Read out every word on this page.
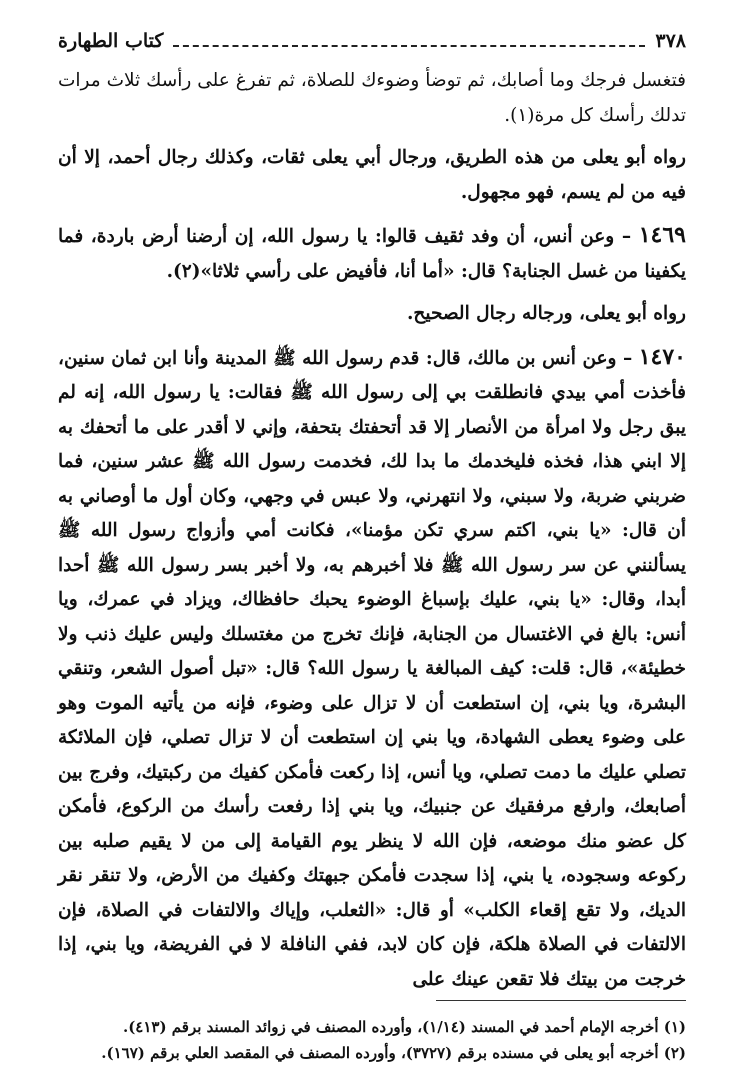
٣٧٨
كتاب الطهارة

فتغسل فرجك وما أصابك، ثم توضأ وضوءك للصلاة، ثم تفرغ على رأسك ثلاث مرات تدلك رأسك كل مرة(١).

رواه أبو يعلى من هذه الطريق، ورجال أبي يعلى ثقات، وكذلك رجال أحمد، إلا أن فيه من لم يسم، فهو مجهول.

١٤٦٩ – وعن أنس، أن وفد ثقيف قالوا: يا رسول الله، إن أرضنا أرض باردة، فما يكفينا من غسل الجنابة؟ قال: «أما أنا، فأفيض على رأسي ثلاثا»(٢).

رواه أبو يعلى، ورجاله رجال الصحيح.

١٤٧٠ – وعن أنس بن مالك، قال: قدم رسول الله ﷺ المدينة وأنا ابن ثمان سنين، فأخذت أمي بيدي فانطلقت بي إلى رسول الله ﷺ فقالت: يا رسول الله، إنه لم يبق رجل ولا امرأة من الأنصار إلا قد أتحفتك بتحفة، وإني لا أقدر على ما أتحفك به إلا ابني هذا، فخذه فليخدمك ما بدا لك، فخدمت رسول الله ﷺ عشر سنين، فما ضربني ضربة، ولا سبني، ولا انتهرني، ولا عبس في وجهي، وكان أول ما أوصاني به أن قال: «يا بني، اكتم سري تكن مؤمنا»، فكانت أمي وأزواج رسول الله ﷺ يسألنني عن سر رسول الله ﷺ فلا أخبرهم به، ولا أخبر بسر رسول الله ﷺ أحدا أبدا، وقال: «يا بني، عليك بإسباغ الوضوء يحبك حافظاك، ويزاد في عمرك، ويا أنس: بالغ في الاغتسال من الجنابة، فإنك تخرج من مغتسلك وليس عليك ذنب ولا خطيئة»، قال: قلت: كيف المبالغة يا رسول الله؟ قال: «تبل أصول الشعر، وتنقي البشرة، ويا بني، إن استطعت أن لا تزال على وضوء، فإنه من يأتيه الموت وهو على وضوء يعطى الشهادة، ويا بني إن استطعت أن لا تزال تصلي، فإن الملائكة تصلي عليك ما دمت تصلي، ويا أنس، إذا ركعت فأمكن كفيك من ركبتيك، وفرج بين أصابعك، وارفع مرفقيك عن جنبيك، ويا بني إذا رفعت رأسك من الركوع، فأمكن كل عضو منك موضعه، فإن الله لا ينظر يوم القيامة إلى من لا يقيم صلبه بين ركوعه وسجوده، يا بني، إذا سجدت فأمكن جبهتك وكفيك من الأرض، ولا تنقر نقر الديك، ولا تقع إقعاء الكلب» أو قال: «الثعلب، وإياك والالتفات في الصلاة، فإن الالتفات في الصلاة هلكة، فإن كان لابد، ففي النافلة لا في الفريضة، ويا بني، إذا خرجت من بيتك فلا تقعن عينك على

(١) أخرجه الإمام أحمد في المسند (١/١٤)، وأورده المصنف في زوائد المسند برقم (٤١٣).

(٢) أخرجه أبو يعلى في مسنده برقم (٣٧٢٧)، وأورده المصنف في المقصد العلي برقم (١٦٧).
